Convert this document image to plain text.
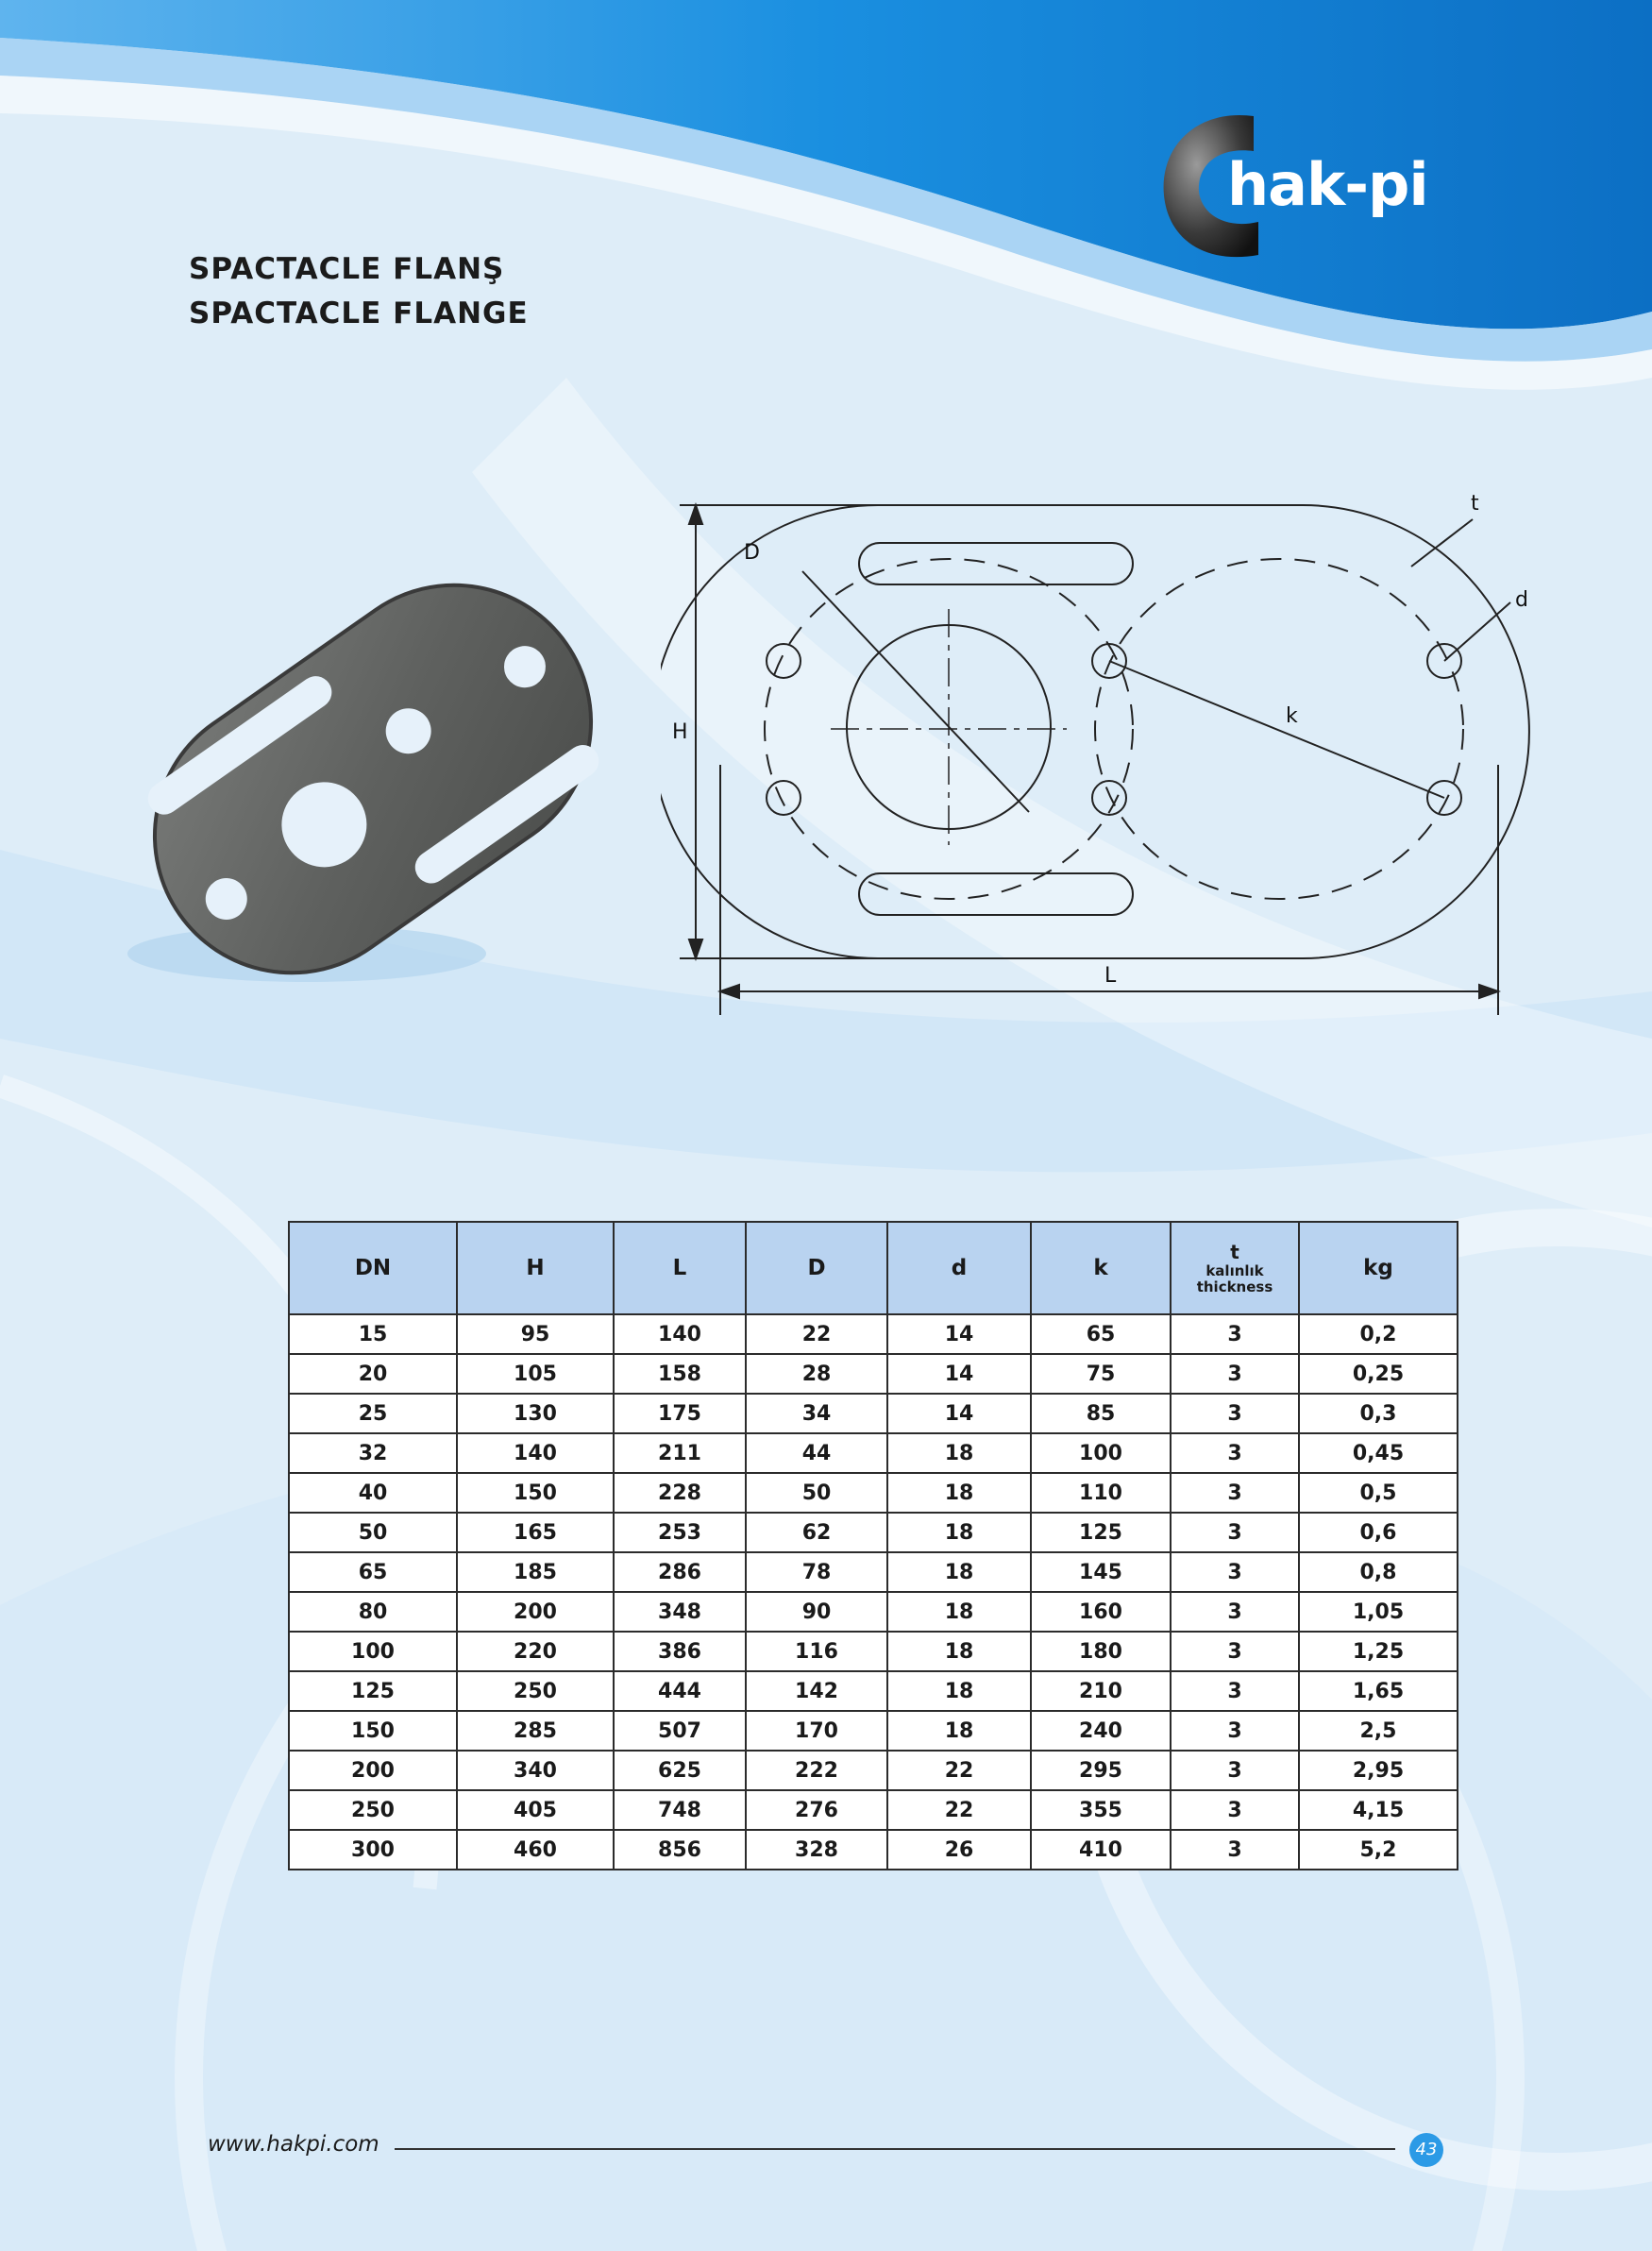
hak-pi
SPACTACLE FLANŞ
SPACTACLE FLANGE
t
d
D
H
k
L
DN	H	L	D	d	k	t
kalınlık
thickness	kg
15	95	140	22	14	65	3	0,2
20	105	158	28	14	75	3	0,25
25	130	175	34	14	85	3	0,3
32	140	211	44	18	100	3	0,45
40	150	228	50	18	110	3	0,5
50	165	253	62	18	125	3	0,6
65	185	286	78	18	145	3	0,8
80	200	348	90	18	160	3	1,05
100	220	386	116	18	180	3	1,25
125	250	444	142	18	210	3	1,65
150	285	507	170	18	240	3	2,5
200	340	625	222	22	295	3	2,95
250	405	748	276	22	355	3	4,15
300	460	856	328	26	410	3	5,2
www.hakpi.com	43
